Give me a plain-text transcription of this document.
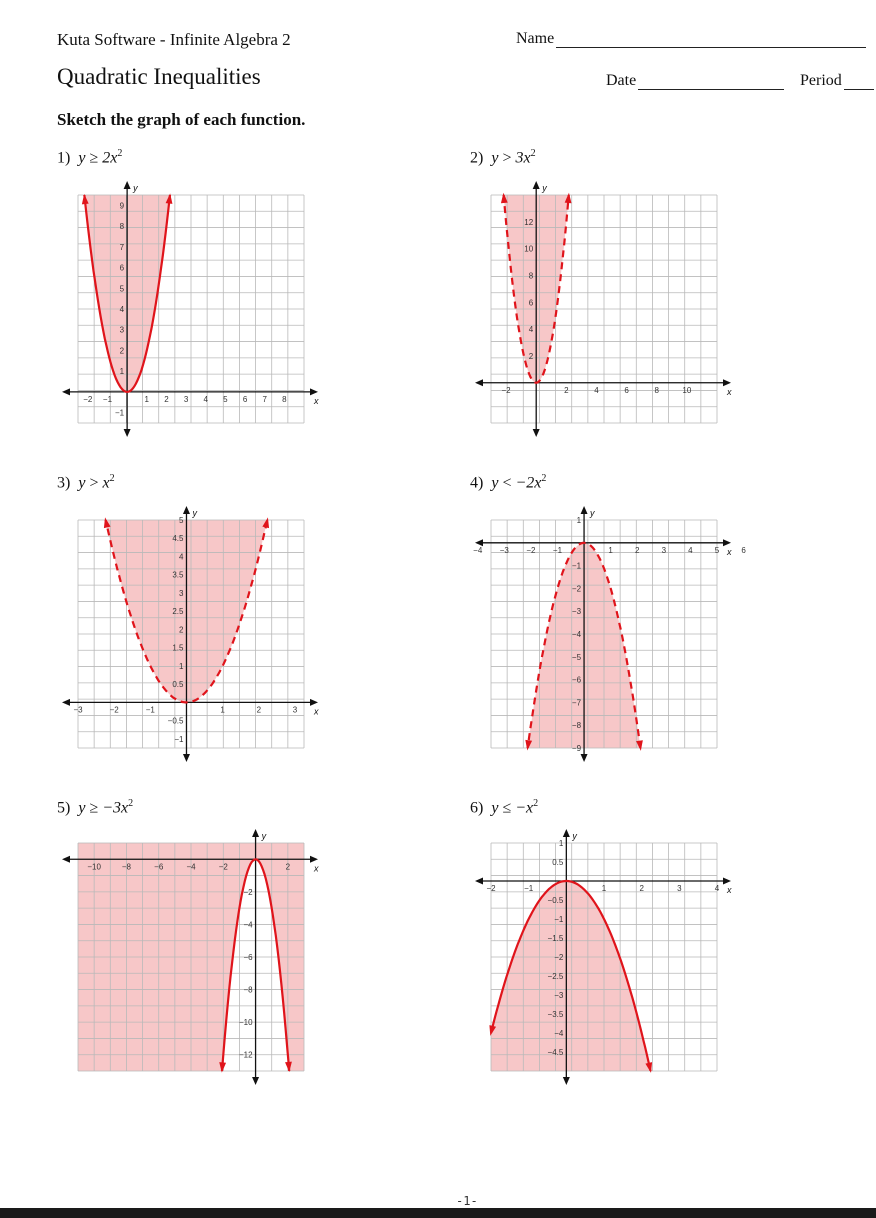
Kuta Software - Infinite Algebra 2
Quadratic Inequalities
Sketch the graph of each function.
Name
Date	Period
1) $y \ge 2x^2$	2) $y > 3x^2$
3) $y > x^2$	4) $y < -2x^2$
5) $y \ge -3x^2$	6) $y \le -x^2$
−2 −1	1 2 3 4 5 6 7 8
−1
1
2
3
4
5
6
7
8
9
x
y
−2	2	4	6	8	10
2
4
6
8
10
12
x
y
−3	−2	−1	1	2	3
−1
−0.5
0.5
1
1.5
2
2.5
3
3.5
4
4.5
5
x
y
−4 −3 −2 −1	1	2	3	4	5	6
1
−1
−2
−3
−4
−5
−6
−7
−8
−9
x
y
−10	−8	−6	−4	−2	2
−2
−4
−6
−8
−10
−12
x
y
−2	−1	1	2	3	4
1
0.5
−0.5
−1
−1.5
−2
−2.5
−3
−3.5
−4
−4.5
x
y
-1-
